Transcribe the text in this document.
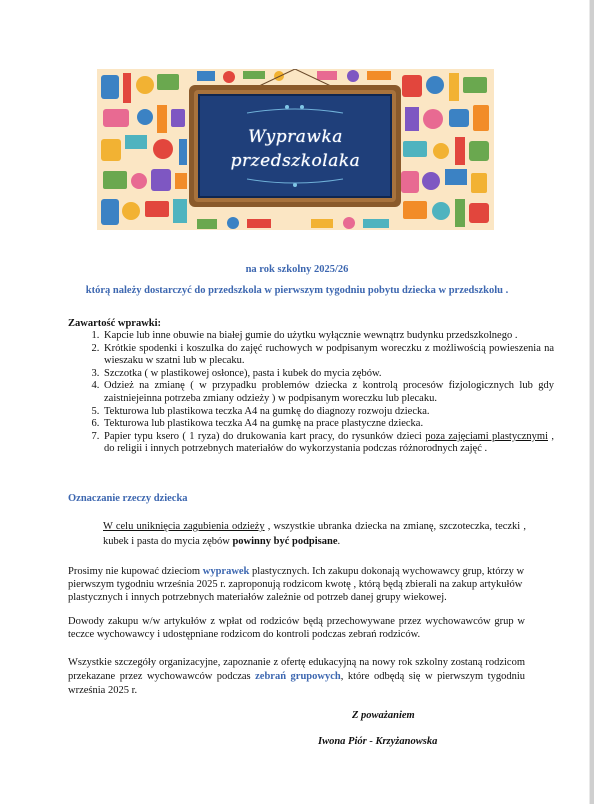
Wyprawka
przedszkolaka
na rok szkolny 2025/26
którą należy dostarczyć do przedszkola w pierwszym tygodniu pobytu dziecka w przedszkolu .
Zawartość wprawki:
1. Kapcie lub inne obuwie na białej gumie do użytku wyłącznie wewnątrz budynku przedszkolnego .
2. Krótkie spodenki i koszulka do zajęć ruchowych w podpisanym woreczku z możliwością powieszenia na wieszaku w szatni lub w plecaku.
3. Szczotka ( w plastikowej osłonce), pasta i kubek do mycia zębów.
4. Odzież na zmianę ( w przypadku problemów dziecka z kontrolą procesów fizjologicznych lub gdy zaistniejeinna potrzeba zmiany odzieży ) w podpisanym woreczku lub plecaku.
5. Tekturowa lub plastikowa teczka A4 na gumkę do diagnozy rozwoju dziecka.
6. Tekturowa lub plastikowa teczka A4 na gumkę na prace plastyczne dziecka.
7. Papier typu ksero ( 1 ryza) do drukowania kart pracy, do rysunków dzieci poza zajęciami plastycznymi , do religii i innych potrzebnych materiałów do wykorzystania podczas różnorodnych zajęć .
Oznaczanie rzeczy dziecka
W celu uniknięcia zagubienia odzieży , wszystkie ubranka dziecka na zmianę, szczoteczka, teczki , kubek i pasta do mycia zębów powinny być podpisane.
Prosimy nie kupować dzieciom wyprawek plastycznych. Ich zakupu dokonają wychowawcy grup, którzy w pierwszym tygodniu września 2025 r. zaproponują rodzicom kwotę , którą będą zbierali na zakup artykułów plastycznych i innych potrzebnych materiałów zależnie od potrzeb danej grupy wiekowej.
Dowody zakupu w/w artykułów z wpłat od rodziców będą przechowywane przez wychowawców grup w teczce wychowawcy i udostępniane rodzicom do kontroli podczas zebrań rodziców.
Wszystkie szczegóły organizacyjne, zapoznanie z ofertę edukacyjną na nowy rok szkolny zostaną rodzicom przekazane przez wychowawców podczas zebrań grupowych, które odbędą się w pierwszym tygodniu września 2025 r.
Z poważaniem
Iwona Piór - Krzyżanowska
